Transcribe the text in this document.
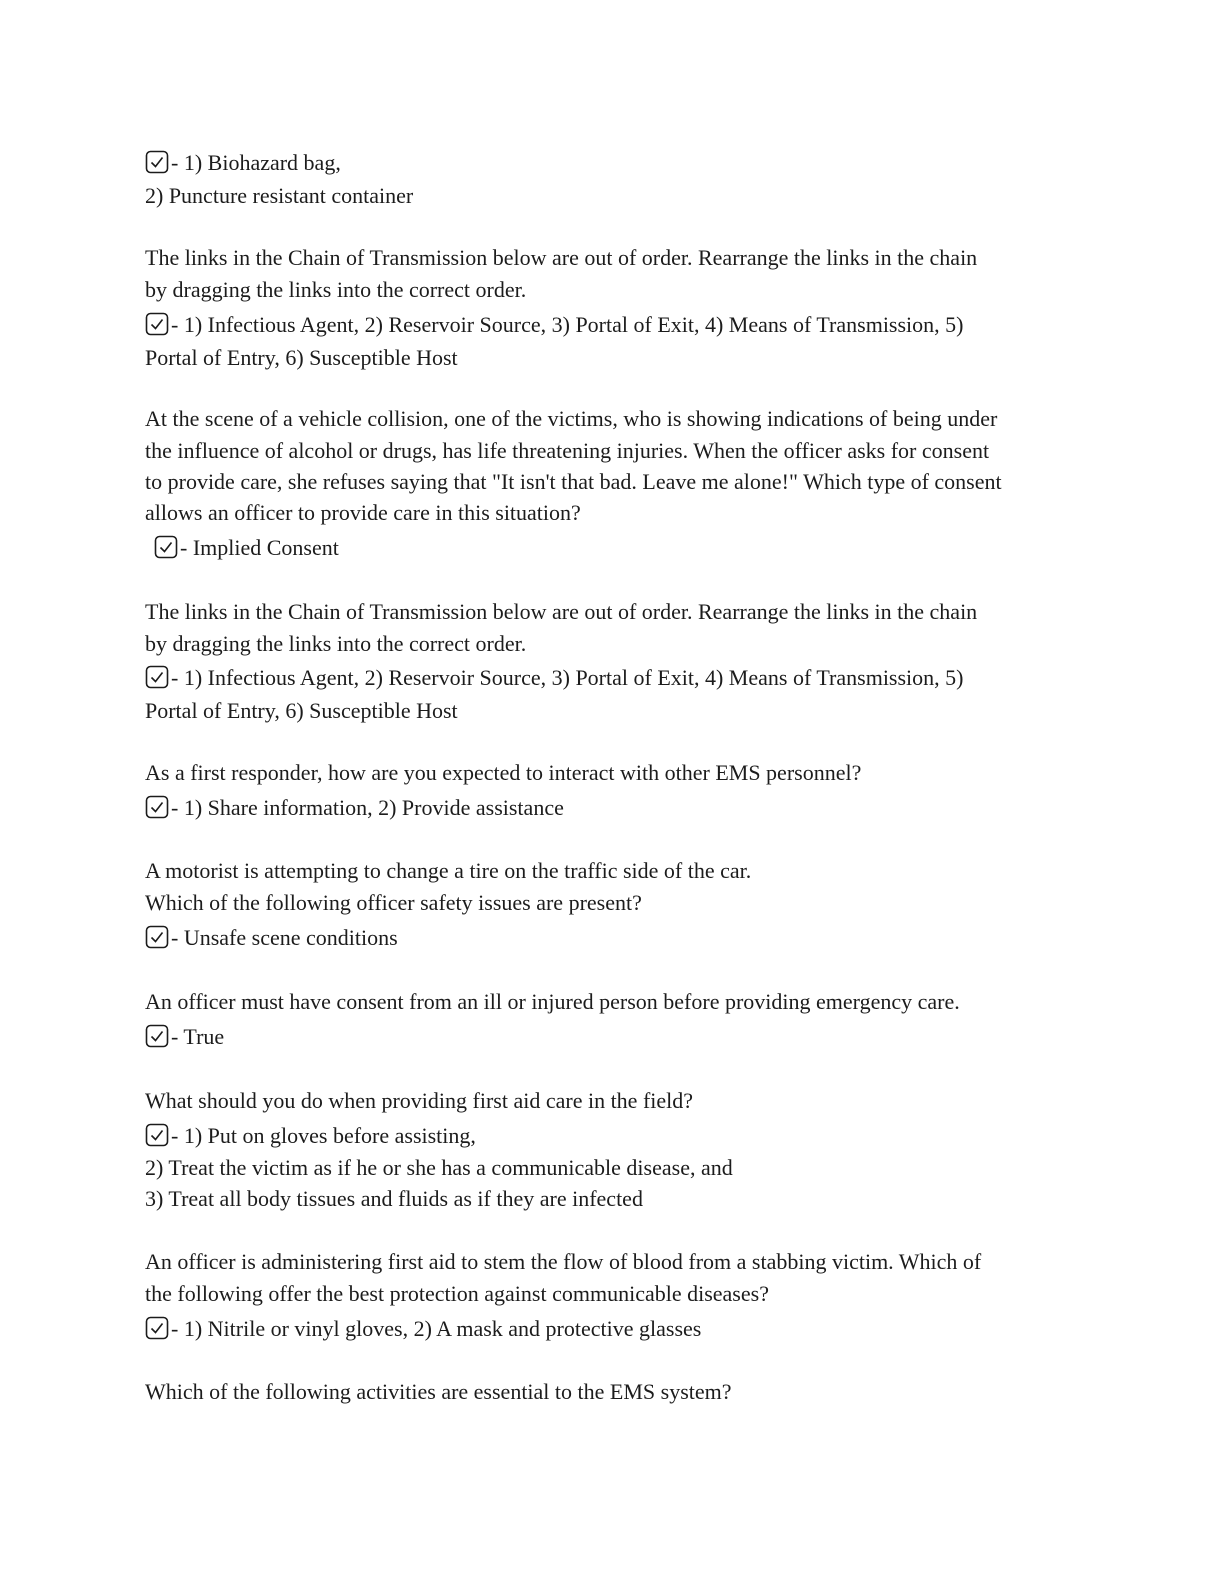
- 1) Biohazard bag,
2) Puncture resistant container
The links in the Chain of Transmission below are out of order. Rearrange the links in the chain
by dragging the links into the correct order.
- 1) Infectious Agent, 2) Reservoir Source, 3) Portal of Exit, 4) Means of Transmission, 5)
Portal of Entry, 6) Susceptible Host
At the scene of a vehicle collision, one of the victims, who is showing indications of being under
the influence of alcohol or drugs, has life threatening injuries. When the officer asks for consent
to provide care, she refuses saying that "It isn't that bad. Leave me alone!" Which type of consent
allows an officer to provide care in this situation?
- Implied Consent
The links in the Chain of Transmission below are out of order. Rearrange the links in the chain
by dragging the links into the correct order.
- 1) Infectious Agent, 2) Reservoir Source, 3) Portal of Exit, 4) Means of Transmission, 5)
Portal of Entry, 6) Susceptible Host
As a first responder, how are you expected to interact with other EMS personnel?
- 1) Share information, 2) Provide assistance
A motorist is attempting to change a tire on the traffic side of the car.
Which of the following officer safety issues are present?
- Unsafe scene conditions
An officer must have consent from an ill or injured person before providing emergency care.
- True
What should you do when providing first aid care in the field?
- 1) Put on gloves before assisting,
2) Treat the victim as if he or she has a communicable disease, and
3) Treat all body tissues and fluids as if they are infected
An officer is administering first aid to stem the flow of blood from a stabbing victim. Which of
the following offer the best protection against communicable diseases?
- 1) Nitrile or vinyl gloves, 2) A mask and protective glasses
Which of the following activities are essential to the EMS system?
